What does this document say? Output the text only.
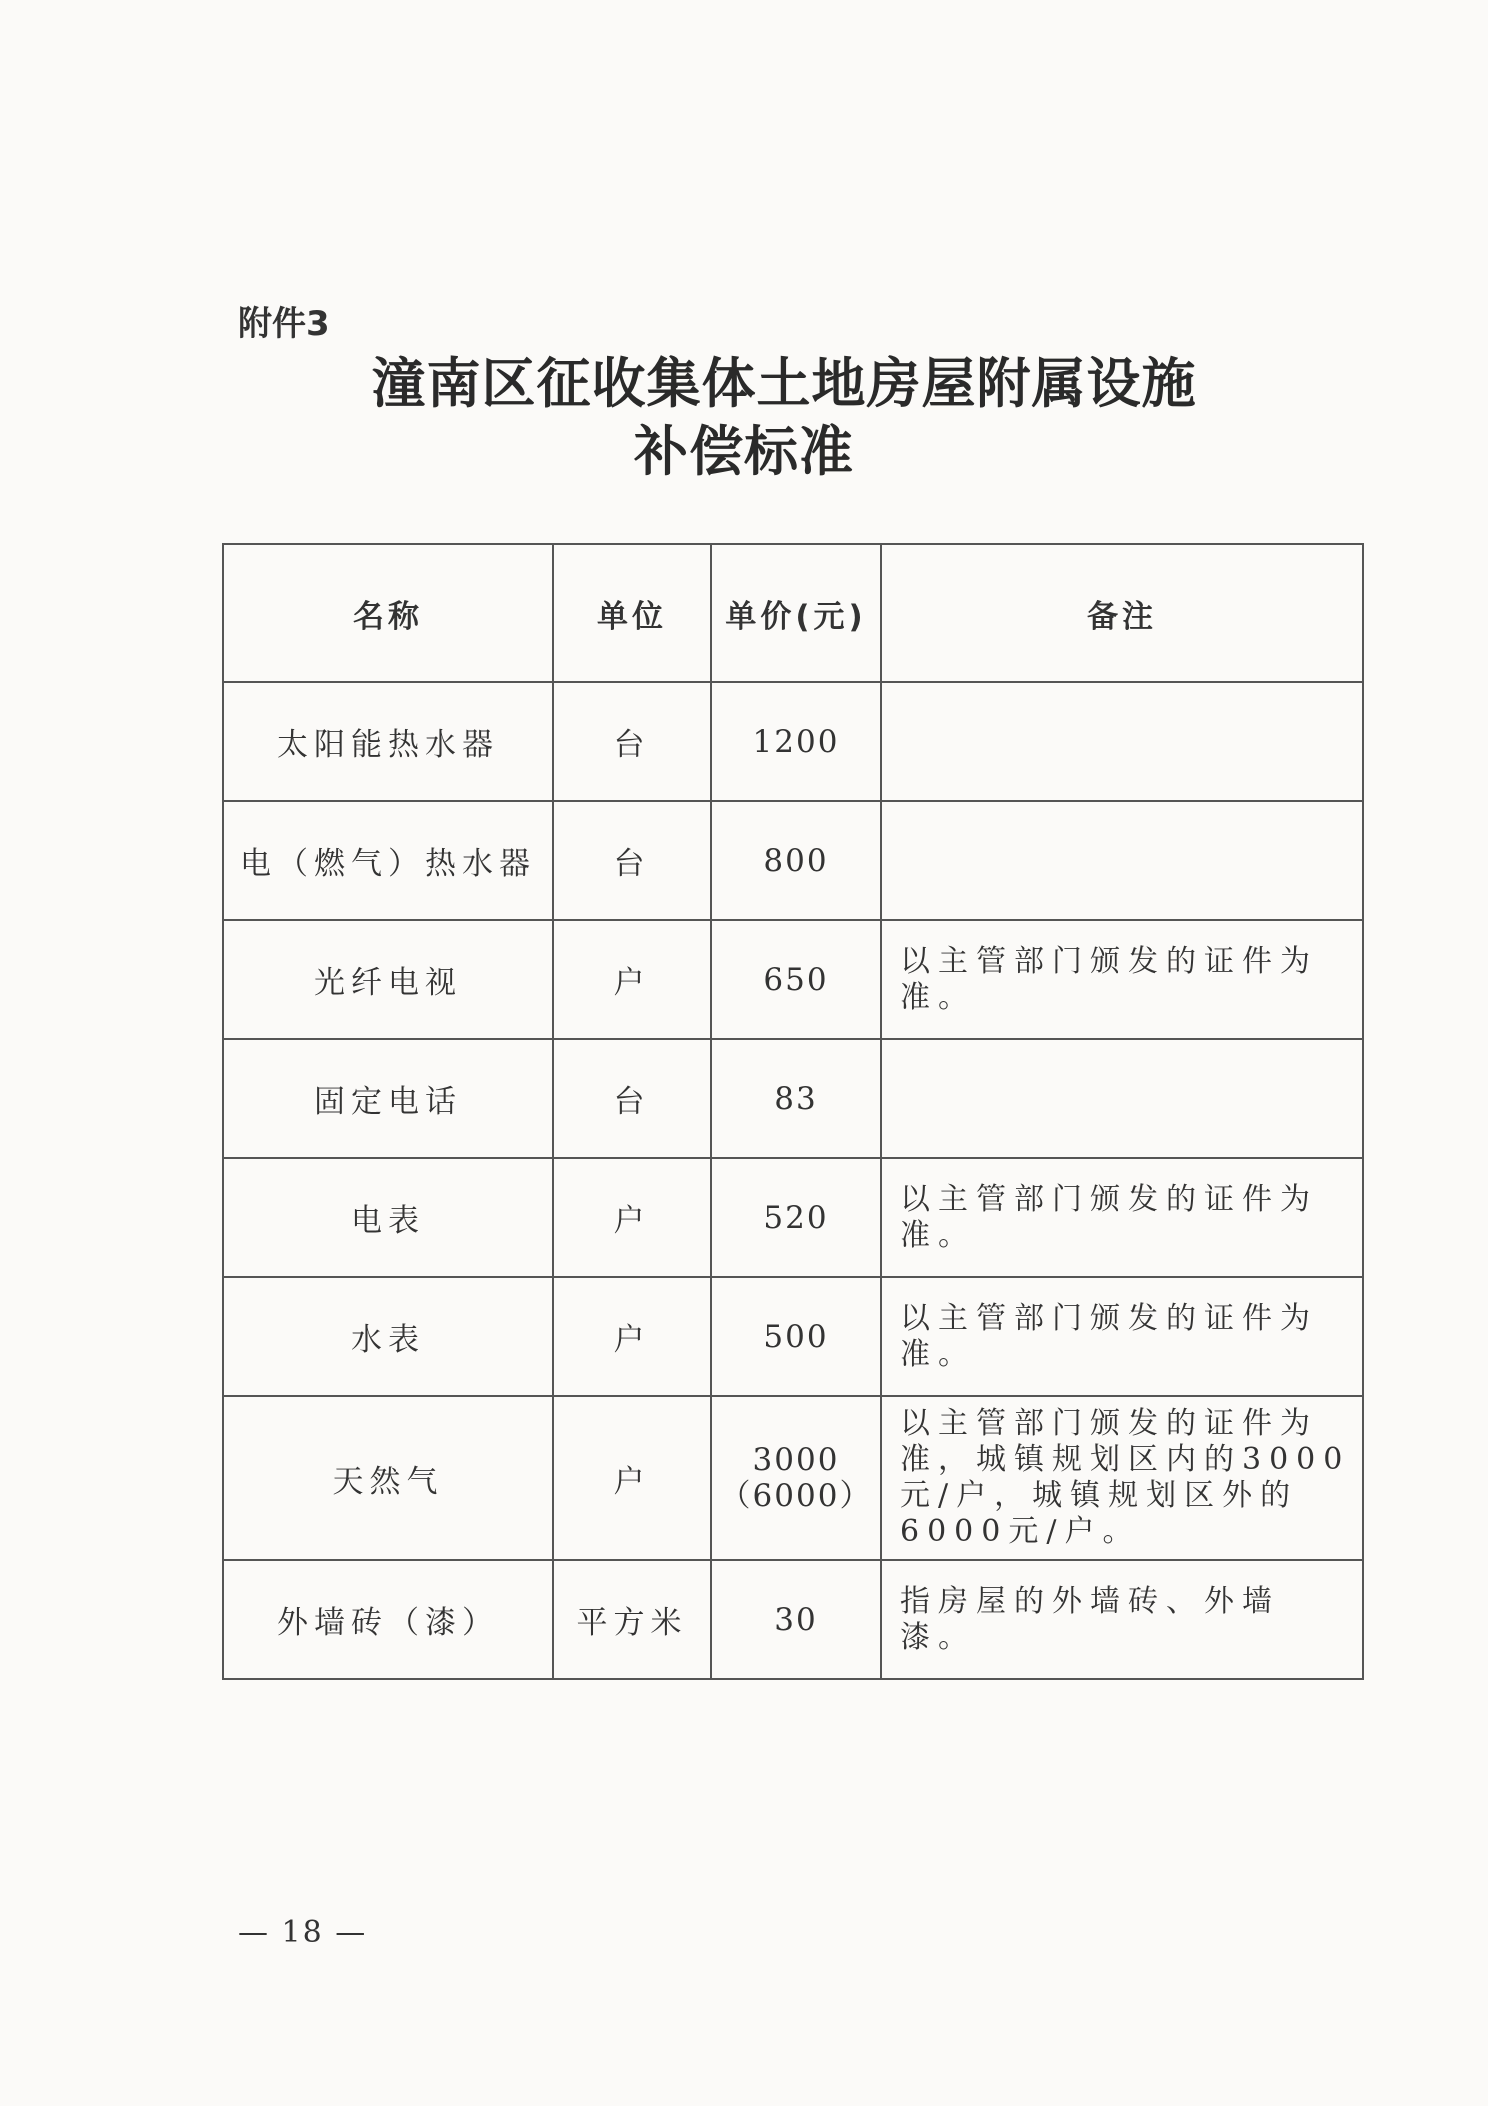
附件3
潼南区征收集体土地房屋附属设施
补偿标准
名称	单位	单价(元)	备注
太阳能热水器	台	1200	
电（燃气）热水器	台	800	
光纤电视	户	650	以主管部门颁发的证件为准。
固定电话	台	83	
电表	户	520	以主管部门颁发的证件为准。
水表	户	500	以主管部门颁发的证件为准。
天然气	户	3000（6000）	以主管部门颁发的证件为准，城镇规划区内的3000元/户，城镇规划区外的6000元/户。
外墙砖（漆）	平方米	30	指房屋的外墙砖、外墙漆。
— 18 —
